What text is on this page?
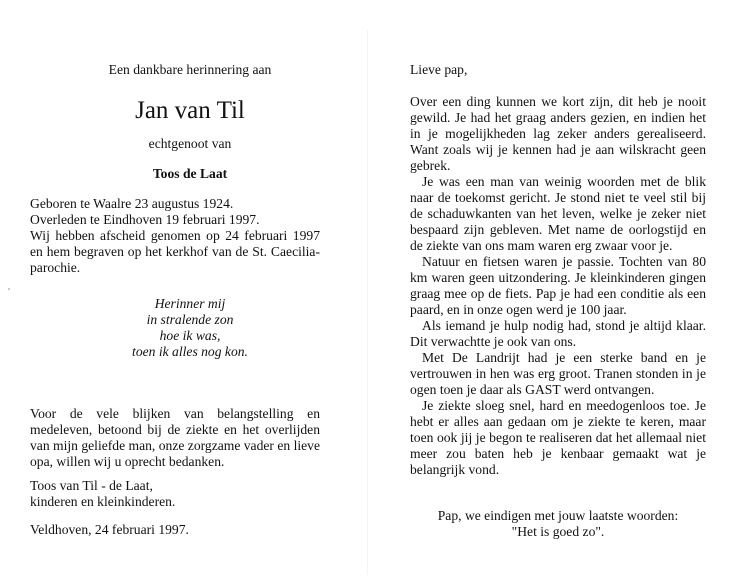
Een dankbare herinnering aan
Jan van Til
echtgenoot van
Toos de Laat

Geboren te Waalre 23 augustus 1924.

Overleden te Eindhoven 19 februari 1997.

Wij hebben afscheid genomen op 24 februari 1997 en hem begraven op het kerkhof van de St. Caecilia-parochie.

Herinner mij
in stralende zon
hoe ik was,
toen ik alles nog kon.

Voor de vele blijken van belangstelling en medeleven, betoond bij de ziekte en het overlijden van mijn geliefde man, onze zorgzame vader en lieve opa, willen wij u oprecht bedanken.

Toos van Til - de Laat,

kinderen en kleinkinderen.

Veldhoven, 24 februari 1997.
Lieve pap,

Over een ding kunnen we kort zijn, dit heb je nooit gewild. Je had het graag anders gezien, en indien het in je mogelijkheden lag zeker anders gerealiseerd. Want zoals wij je kennen had je aan wilskracht geen gebrek.

Je was een man van weinig woorden met de blik naar de toekomst gericht. Je stond niet te veel stil bij de schaduwkanten van het leven, welke je zeker niet bespaard zijn gebleven. Met name de oorlogstijd en de ziekte van ons mam waren erg zwaar voor je.

Natuur en fietsen waren je passie. Tochten van 80 km waren geen uitzondering. Je kleinkinderen gingen graag mee op de fiets. Pap je had een conditie als een paard, en in onze ogen werd je 100 jaar.

Als iemand je hulp nodig had, stond je altijd klaar. Dit verwachtte je ook van ons.

Met De Landrijt had je een sterke band en je vertrouwen in hen was erg groot. Tranen stonden in je ogen toen je daar als GAST werd ontvangen.

Je ziekte sloeg snel, hard en meedogenloos toe. Je hebt er alles aan gedaan om je ziekte te keren, maar toen ook jij je begon te realiseren dat het allemaal niet meer zou baten heb je kenbaar gemaakt wat je belangrijk vond.

Pap, we eindigen met jouw laatste woorden:
"Het is goed zo".
